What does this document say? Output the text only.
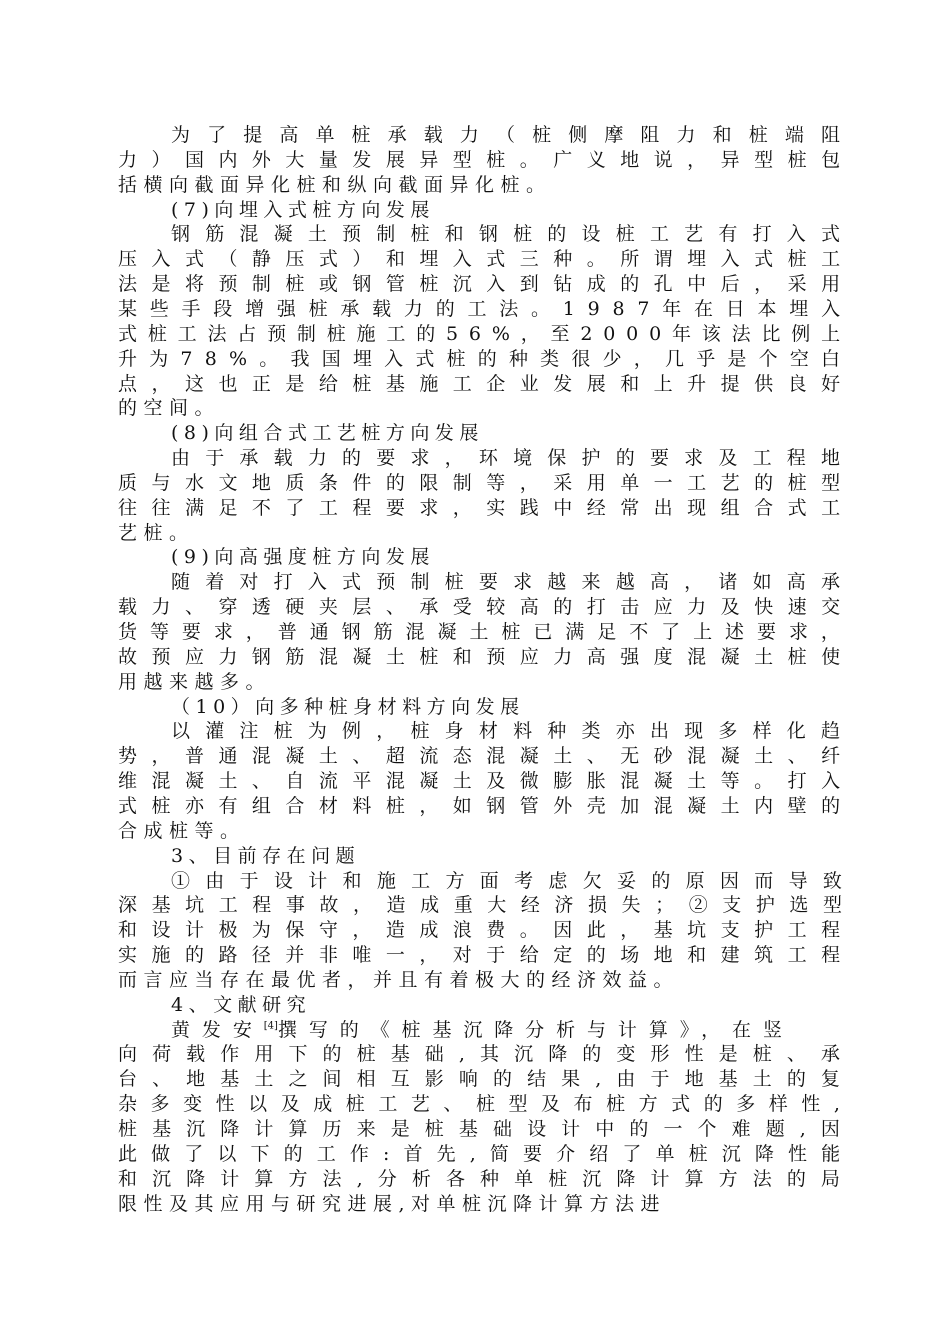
为了提高单桩承载力（桩侧摩阻力和桩端阻
力）国内外大量发展异型桩。广义地说，异型桩包
括横向截面异化桩和纵向截面异化桩。
(7)向埋入式桩方向发展
钢筋混凝土预制桩和钢桩的设桩工艺有打入式
压入式（静压式）和埋入式三种。所谓埋入式桩工
法是将预制桩或钢管桩沉入到钻成的孔中后，采用
某些手段增强桩承载力的工法。1987年在日本埋入
式桩工法占预制桩施工的56%，至2000年该法比例上
升为78%。我国埋入式桩的种类很少，几乎是个空白
点，这也正是给桩基施工企业发展和上升提供良好
的空间。
(8)向组合式工艺桩方向发展
由于承载力的要求，环境保护的要求及工程地
质与水文地质条件的限制等，采用单一工艺的桩型
往往满足不了工程要求，实践中经常出现组合式工
艺桩。
(9)向高强度桩方向发展
随着对打入式预制桩要求越来越高，诸如高承
载力、穿透硬夹层、承受较高的打击应力及快速交
货等要求，普通钢筋混凝土桩已满足不了上述要求，
故预应力钢筋混凝土桩和预应力高强度混凝土桩使
用越来越多。
（10）向多种桩身材料方向发展
以灌注桩为例，桩身材料种类亦出现多样化趋
势，普通混凝土、超流态混凝土、无砂混凝土、纤
维混凝土、自流平混凝土及微膨胀混凝土等。打入
式桩亦有组合材料桩，如钢管外壳加混凝土内壁的
合成桩等。
3、目前存在问题
①由于设计和施工方面考虑欠妥的原因而导致
深基坑工程事故，造成重大经济损失；②支护选型
和设计极为保守，造成浪费。因此，基坑支护工程
实施的路径并非唯一，对于给定的场地和建筑工程
而言应当存在最优者，并且有着极大的经济效益。
4、文献研究
黄发安[4]撰写的《桩基沉降分析与计算》，在竖
向荷载作用下的桩基础,其沉降的变形性是桩、承
台、地基土之间相互影响的结果,由于地基土的复
杂多变性以及成桩工艺、桩型及布桩方式的多样性,
桩基沉降计算历来是桩基础设计中的一个难题,因
此做了以下的工作:首先,简要介绍了单桩沉降性能
和沉降计算方法,分析各种单桩沉降计算方法的局
限性及其应用与研究进展,对单桩沉降计算方法进
